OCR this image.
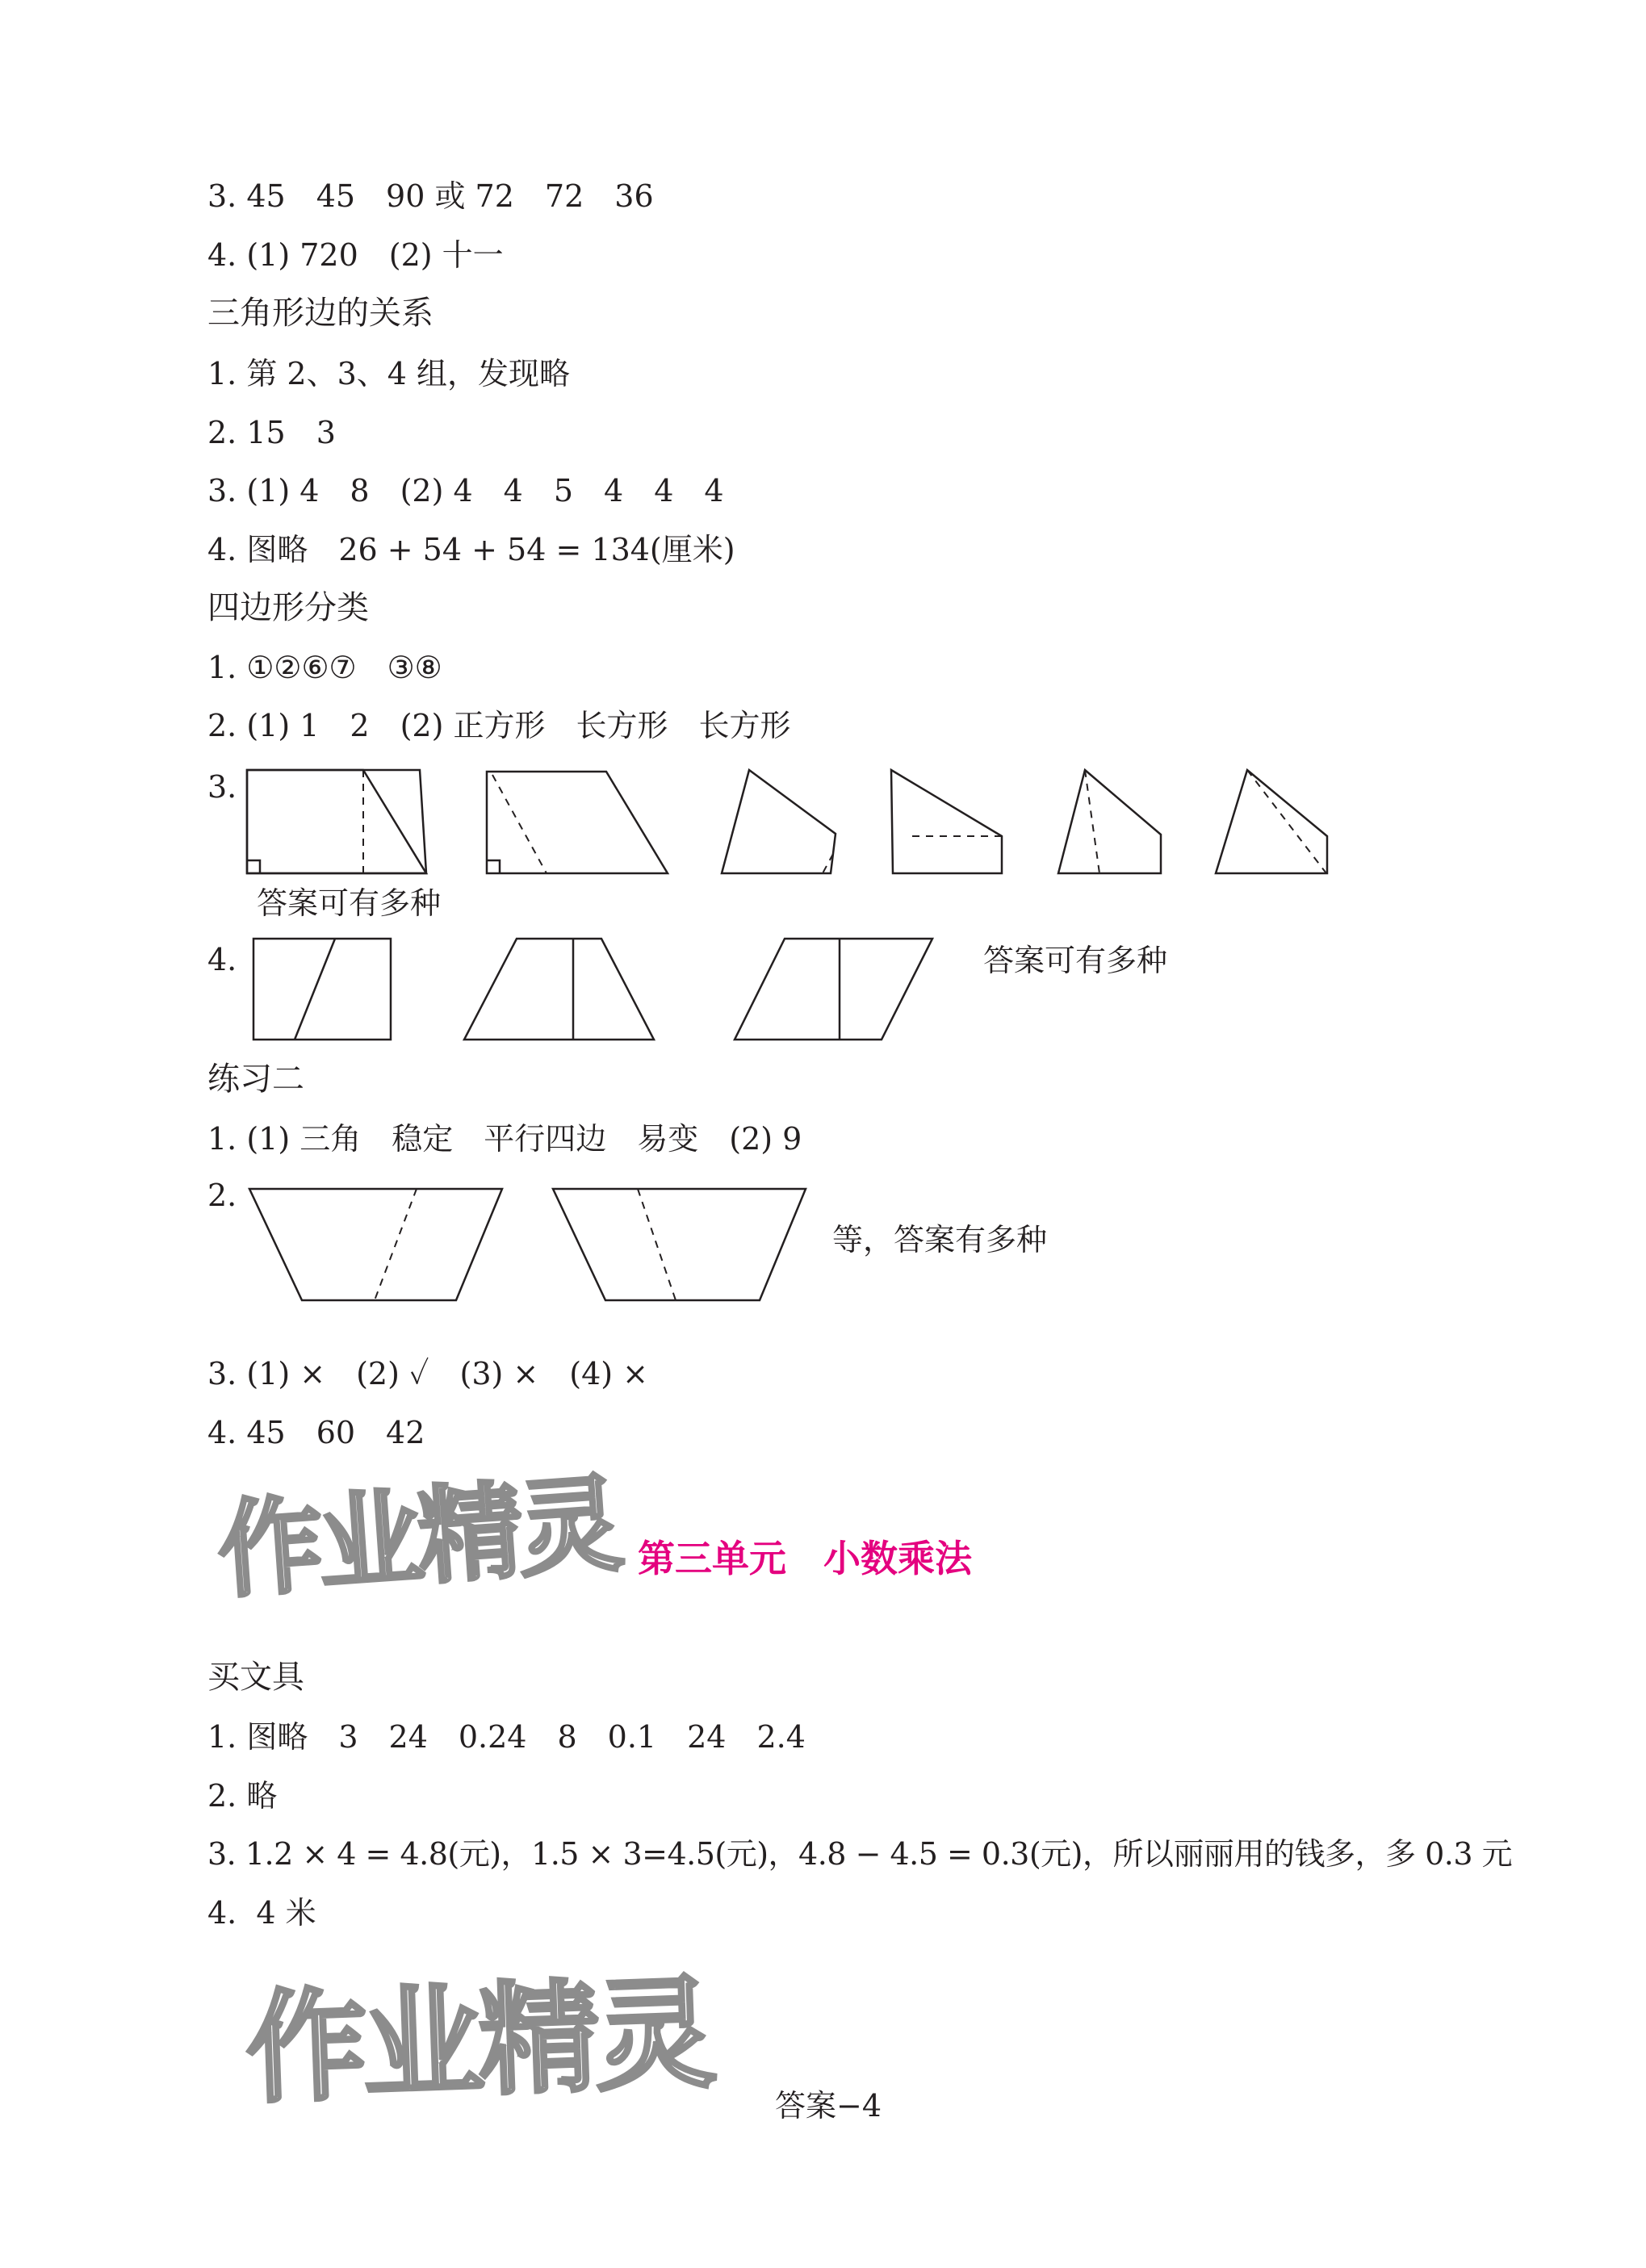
3. 45　45　90 或 72　72　36
4. (1) 720　(2) 十一
三角形边的关系
1. 第 2、3、4 组，发现略
2. 15　3
3. (1) 4　8　(2) 4　4　5　4　4　4
4. 图略　26 + 54 + 54 = 134(厘米)
四边形分类
1. ①②⑥⑦　③⑧
2. (1) 1　2　(2) 正方形　长方形　长方形
3.
答案可有多种
4.	答案可有多种
练习二
1. (1) 三角　稳定　平行四边　易变　(2) 9
2.
等，答案有多种
3. (1) ×　(2) ✓　(3) ×　(4) ×
4. 45　60　42
作业精灵 第三单元　小数乘法
买文具
1. 图略　3　24　0.24　8　0.1　24　2.4
2. 略
3. 1.2 × 4 = 4.8(元)，1.5 × 3=4.5(元)，4.8 − 4.5 = 0.3(元)，所以丽丽用的钱多，多 0.3 元
4.  4 米
作业精灵 答案−4
